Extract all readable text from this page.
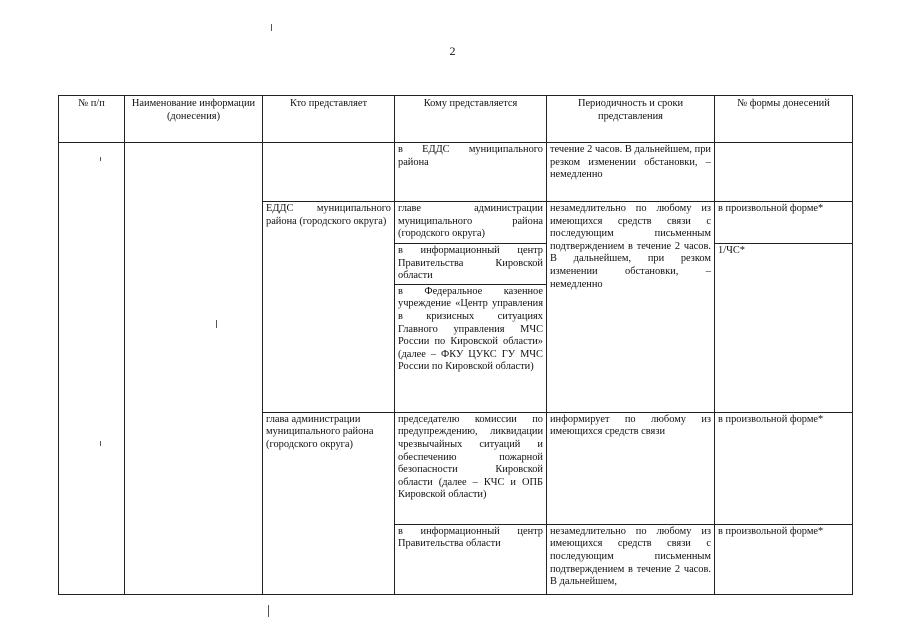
2
№ п/п	Наименование информации (донесения)	Кто представляет	Кому представляется	Периодичность и сроки представления	№ формы донесений
			в ЕДДС муниципального района	течение 2 часов. В дальнейшем, при резком изменении обстановки, – немедленно	
		ЕДДС муниципального района (городского округа)	главе администрации муниципального района (городского округа)	незамедлительно по любому из имеющихся средств связи с последующим письменным подтверждением в течение 2 часов. В дальнейшем, при резком изменении обстановки, – немедленно	в произвольной форме*
			в информационный центр Правительства Кировской области		1/ЧС*
			в Федеральное казенное учреждение «Центр управления в кризисных ситуациях Главного управления МЧС России по Кировской области» (далее – ФКУ ЦУКС ГУ МЧС России по Кировской области)		
		глава администрации муниципального района (городского округа)	председателю комиссии по предупреждению, ликвидации чрезвычайных ситуаций и обеспечению пожарной безопасности Кировской области (далее – КЧС и ОПБ Кировской области)	информирует по любому из имеющихся средств связи	в произвольной форме*
			в информационный центр Правительства области	незамедлительно по любому из имеющихся средств связи с последующим письменным подтверждением в течение 2 часов. В дальнейшем,	в произвольной форме*
